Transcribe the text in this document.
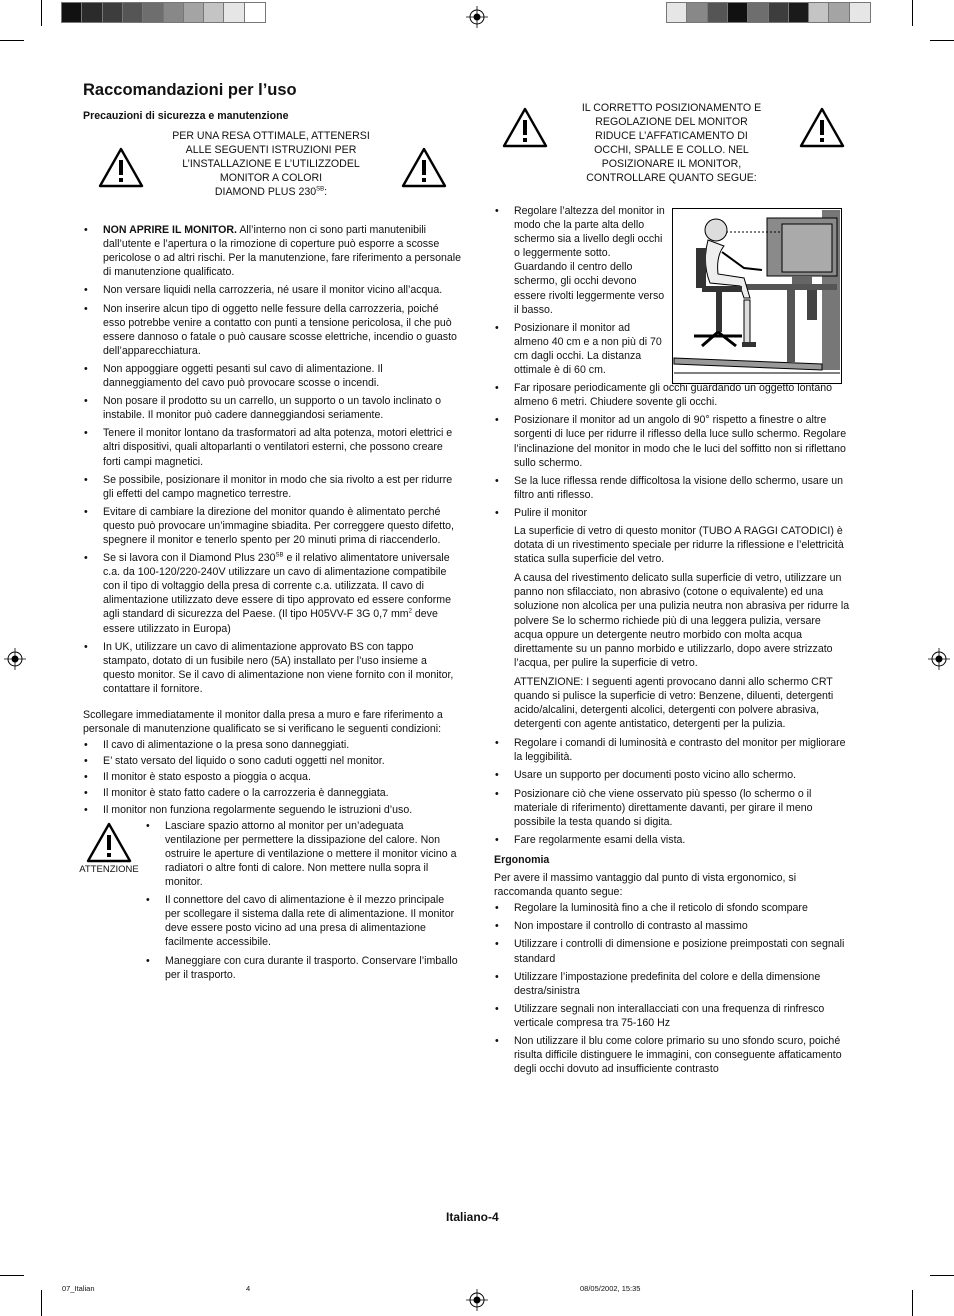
Raccomandazioni per l’uso

Precauzioni di sicurezza e manutenzione

PER UNA RESA OTTIMALE, ATTENERSI
ALLE SEGUENTI ISTRUZIONI PER
L’INSTALLAZIONE E L’UTILIZZODEL
MONITOR A COLORI
DIAMOND PLUS $230^{SB}$:
• NON APRIRE IL MONITOR. All’interno non ci sono parti manutenibili dall’utente e l’apertura o la rimozione di coperture può esporre a scosse pericolose o ad altri rischi. Per la manutenzione, fare riferimento a personale di manutenzione qualificato.
• Non versare liquidi nella carrozzeria, né usare il monitor vicino all’acqua.
• Non inserire alcun tipo di oggetto nelle fessure della carrozzeria, poiché esso potrebbe venire a contatto con punti a tensione pericolosa, il che può essere dannoso o fatale o può causare scosse elettriche, incendio o guasto dell’apparecchiatura.
• Non appoggiare oggetti pesanti sul cavo di alimentazione. Il danneggiamento del cavo può provocare scosse o incendi.
• Non posare il prodotto su un carrello, un supporto o un tavolo inclinato o instabile. Il monitor può cadere danneggiandosi seriamente.
• Tenere il monitor lontano da trasformatori ad alta potenza, motori elettrici e altri dispositivi, quali altoparlanti o ventilatori esterni, che possono creare forti campi magnetici.
• Se possibile, posizionare il monitor in modo che sia rivolto a est per ridurre gli effetti del campo magnetico terrestre.
• Evitare di cambiare la direzione del monitor quando è alimentato perché questo può provocare un’immagine sbiadita. Per correggere questo difetto, spegnere il monitor e tenerlo spento per 20 minuti prima di riaccenderlo.
• Se si lavora con il Diamond Plus $230^{SB}$ e il relativo alimentatore universale c.a. da 100-120/220-240V utilizzare un cavo di alimentazione compatibile con il tipo di voltaggio della presa di corrente c.a. utilizzata. Il cavo di alimentazione utilizzato deve essere di tipo approvato ed essere conforme agli standard di sicurezza del Paese. (Il tipo H05VV-F 3G 0,7 $mm^2$ deve essere utilizzato in Europa)
• In UK, utilizzare un cavo di alimentazione approvato BS con tappo stampato, dotato di un fusibile nero (5A) installato per l’uso insieme a questo monitor. Se il cavo di alimentazione non viene fornito con il monitor, contattare il fornitore.

Scollegare immediatamente il monitor dalla presa a muro e fare riferimento a personale di manutenzione qualificato se si verificano le seguenti condizioni:

• Il cavo di alimentazione o la presa sono danneggiati.
• E’ stato versato del liquido o sono caduti oggetti nel monitor.
• Il monitor è stato esposto a pioggia o acqua.
• Il monitor è stato fatto cadere o la carrozzeria è danneggiata.
• Il monitor non funziona regolarmente seguendo le istruzioni d’uso.
ATTENZIONE
• Lasciare spazio attorno al monitor per un’adeguata ventilazione per permettere la dissipazione del calore. Non ostruire le aperture di ventilazione o mettere il monitor vicino a radiatori o altre fonti di calore. Non mettere nulla sopra il monitor.
• Il connettore del cavo di alimentazione è il mezzo principale per scollegare il sistema dalla rete di alimentazione. Il monitor deve essere posto vicino ad una presa di alimentazione facilmente accessibile.
• Maneggiare con cura durante il trasporto. Conservare l’imballo per il trasporto.
IL CORRETTO POSIZIONAMENTO E
REGOLAZIONE DEL MONITOR
RIDUCE L’AFFATICAMENTO DI
OCCHI, SPALLE E COLLO. NEL
POSIZIONARE IL MONITOR,
CONTROLLARE QUANTO SEGUE:
• Regolare l’altezza del monitor in modo che la parte alta dello schermo sia a livello degli occhi o leggermente sotto. Guardando il centro dello schermo, gli occhi devono essere rivolti leggermente verso il basso.
• Posizionare il monitor ad almeno 40 cm e a non più di 70 cm dagli occhi. La distanza ottimale è di 60 cm.
• Far riposare periodicamente gli occhi guardando un oggetto lontano almeno 6 metri. Chiudere sovente gli occhi.
• Posizionare il monitor ad un angolo di 90° rispetto a finestre o altre sorgenti di luce per ridurre il riflesso della luce sullo schermo. Regolare l’inclinazione del monitor in modo che le luci del soffitto non si riflettano sullo schermo.
• Se la luce riflessa rende difficoltosa la visione dello schermo, usare un filtro anti riflesso.
• Pulire il monitor

La superficie di vetro di questo monitor (TUBO A RAGGI CATODICI) è dotata di un rivestimento speciale per ridurre la riflessione e l’elettricità statica sulla superficie del vetro.

A causa del rivestimento delicato sulla superficie di vetro, utilizzare un panno non sfilacciato, non abrasivo (cotone o equivalente) ed una soluzione non alcolica per una pulizia neutra non abrasiva per ridurre la polvere Se lo schermo richiede più di una leggera pulizia, versare acqua oppure un detergente neutro morbido con molta acqua direttamente su un panno morbido e utilizzarlo, dopo avere strizzato l’acqua, per pulire la superficie di vetro.

ATTENZIONE: I seguenti agenti provocano danni allo schermo CRT quando si pulisce la superficie di vetro: Benzene, diluenti, detergenti acido/alcalini, detergenti alcolici, detergenti con polvere abrasiva, detergenti con agente antistatico, detergenti per la pulizia.

• Regolare i comandi di luminosità e contrasto del monitor per migliorare la leggibilità.
• Usare un supporto per documenti posto vicino allo schermo.
• Posizionare ciò che viene osservato più spesso (lo schermo o il materiale di riferimento) direttamente davanti, per girare il meno possibile la testa quando si digita.
• Fare regolarmente esami della vista.

Ergonomia

Per avere il massimo vantaggio dal punto di vista ergonomico, si raccomanda quanto segue:

• Regolare la luminosità fino a che il reticolo di sfondo scompare
• Non impostare il controllo di contrasto al massimo
• Utilizzare i controlli di dimensione e posizione preimpostati con segnali standard
• Utilizzare l’impostazione predefinita del colore e della dimensione destra/sinistra
• Utilizzare segnali non interallacciati con una frequenza di rinfresco verticale compresa tra 75-160 Hz
• Non utilizzare il blu come colore primario su uno sfondo scuro, poiché risulta difficile distinguere le immagini, con conseguente affaticamento degli occhi dovuto ad insufficiente contrasto
Italiano-4
07_Italian	4	08/05/2002, 15:35
